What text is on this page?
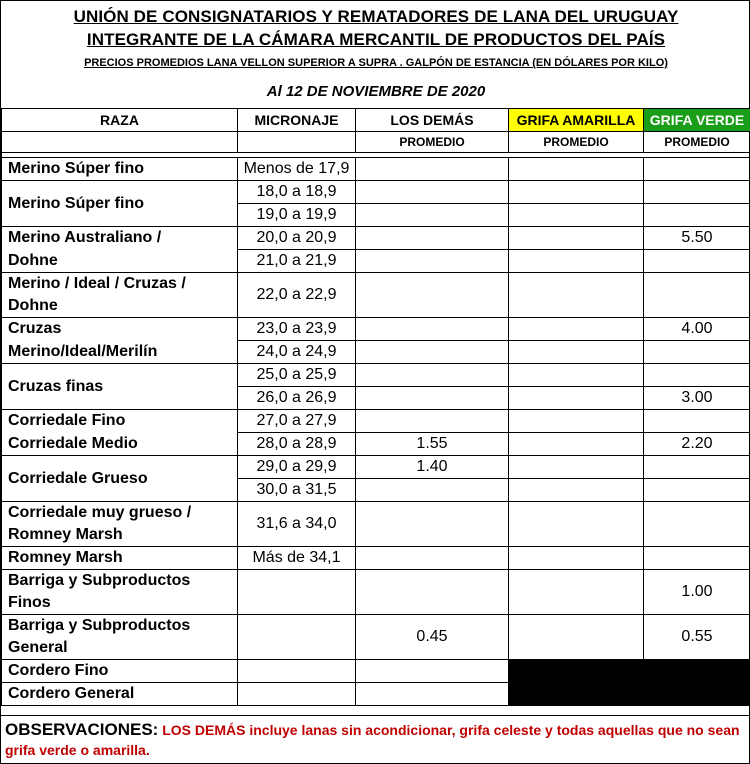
UNIÓN DE CONSIGNATARIOS Y REMATADORES DE LANA DEL URUGUAY
INTEGRANTE DE LA CÁMARA MERCANTIL DE PRODUCTOS DEL PAÍS
PRECIOS PROMEDIOS LANA VELLON SUPERIOR A SUPRA . GALPÓN DE ESTANCIA (EN DÓLARES POR KILO)
Al 12 DE NOVIEMBRE DE 2020
RAZA	MICRONAJE	LOS DEMÁS	GRIFA AMARILLA	GRIFA VERDE
		PROMEDIO	PROMEDIO	PROMEDIO

Merino Súper fino	Menos de 17,9			
Merino Súper fino	18,0 a 18,9			
	19,0 a 19,9			
Merino Australiano /	20,0 a 20,9			5.50
Dohne	21,0 a 21,9			
Merino / Ideal / Cruzas /
Dohne	22,0 a 22,9			
Cruzas	23,0 a 23,9			4.00
Merino/Ideal/Merilín	24,0 a 24,9			
Cruzas finas	25,0 a 25,9			
	26,0 a 26,9			3.00
Corriedale Fino	27,0 a 27,9			
Corriedale Medio	28,0 a 28,9	1.55		2.20
Corriedale Grueso	29,0 a 29,9	1.40		
	30,0 a 31,5			
Corriedale muy grueso /
Romney Marsh	31,6 a 34,0			
Romney Marsh	Más de 34,1			
Barriga y Subproductos
Finos				1.00
Barriga y Subproductos
General		0.45		0.55
Cordero Fino				
Cordero General				
OBSERVACIONES: LOS DEMÁS incluye lanas sin acondicionar, grifa celeste y todas aquellas que no sean grifa verde o amarilla.
